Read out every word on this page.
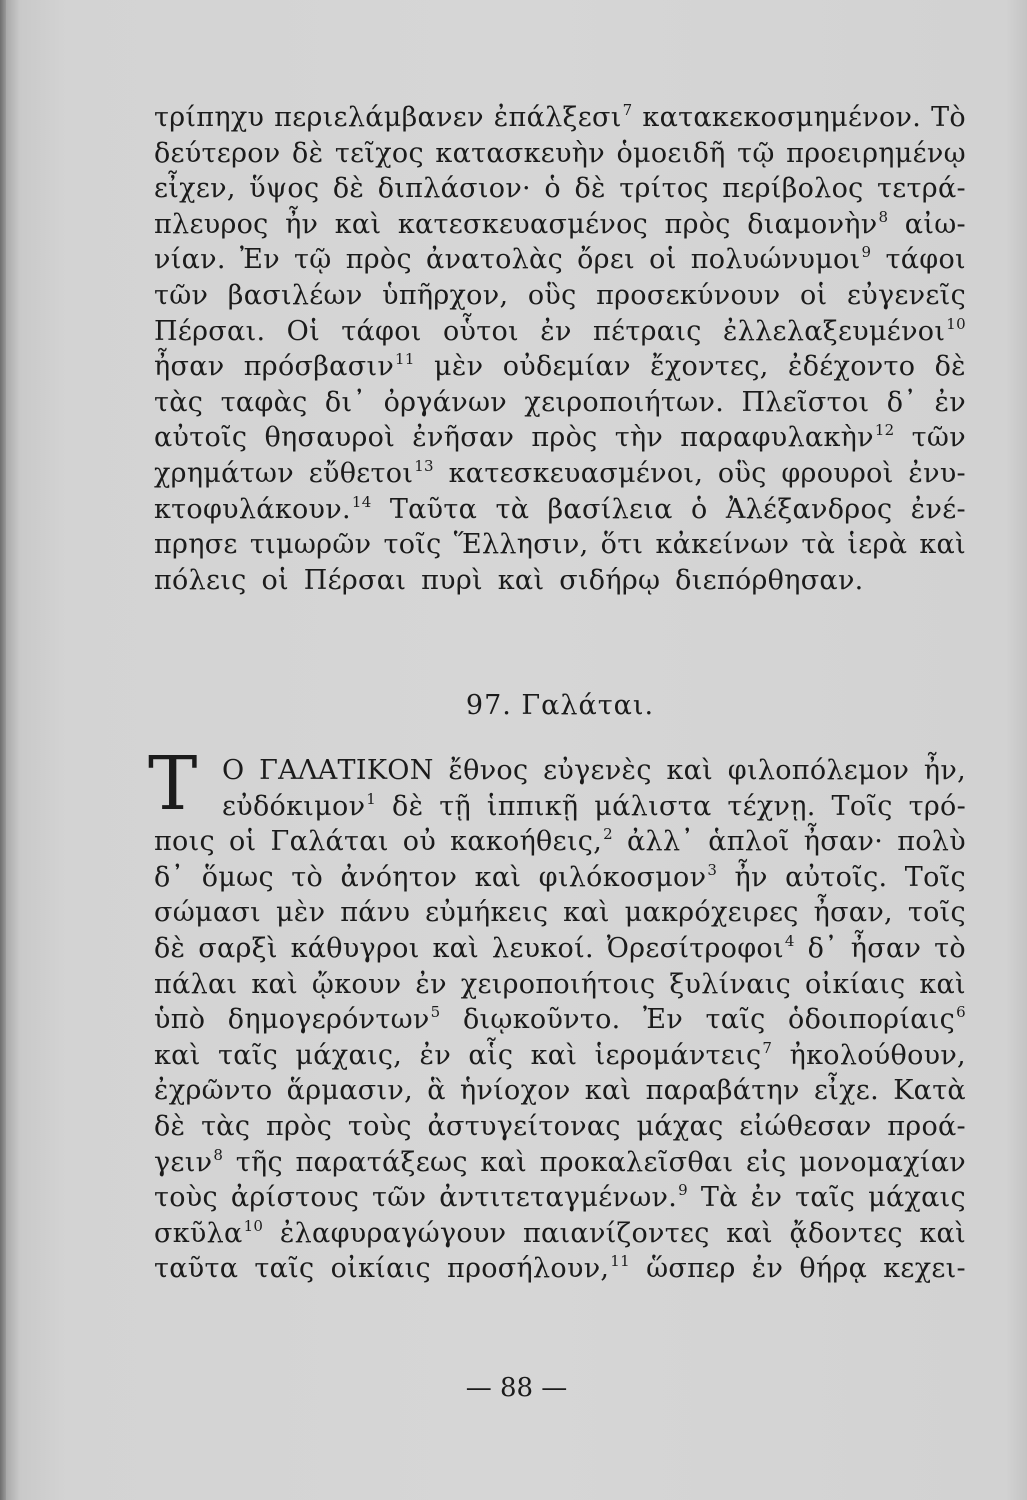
τρίπηχυ περιελάμβανεν ἐπάλξεσι$^7$ κατακεκοσμημένον. Τὸ
δεύτερον δὲ τεῖχος κατασκευὴν ὁμοειδῆ τῷ προειρημένῳ
εἶχεν, ὕψος δὲ διπλάσιον· ὁ δὲ τρίτος περίβολος τετρά-
πλευρος ἦν καὶ κατεσκευασμένος πρὸς διαμονὴν$^8$ αἰω-
νίαν. Ἐν τῷ πρὸς ἀνατολὰς ὄρει οἱ πολυώνυμοι$^9$ τάφοι
τῶν βασιλέων ὑπῆρχον, οὓς προσεκύνουν οἱ εὐγενεῖς
Πέρσαι. Οἱ τάφοι οὗτοι ἐν πέτραις ἐλλελαξευμένοι$^{10}$
ἦσαν πρόσβασιν$^{11}$ μὲν οὐδεμίαν ἔχοντες, ἐδέχοντο δὲ
τὰς ταφὰς δι᾿ ὀργάνων χειροποιήτων. Πλεῖστοι δ᾿ ἐν
αὐτοῖς θησαυροὶ ἐνῆσαν πρὸς τὴν παραφυλακὴν$^{12}$ τῶν
χρημάτων εὔθετοι$^{13}$ κατεσκευασμένοι, οὓς φρουροὶ ἐνυ-
κτοφυλάκουν.$^{14}$ Ταῦτα τὰ βασίλεια ὁ Ἀλέξανδρος ἐνέ-
πρησε τιμωρῶν τοῖς Ἕλλησιν, ὅτι κἀκείνων τὰ ἱερὰ καὶ
πόλεις οἱ Πέρσαι πυρὶ καὶ σιδήρῳ διεπόρθησαν.
97. Γαλάται.
Ο ΓΑΛΑΤΙΚΟΝ ἔθνος εὐγενὲς καὶ φιλοπόλεμον ἦν,
εὐδόκιμον$^1$ δὲ τῇ ἱππικῇ μάλιστα τέχνῃ. Τοῖς τρό-
ποις οἱ Γαλάται οὐ κακοήθεις,$^2$ ἀλλ᾿ ἁπλοῖ ἦσαν· πολὺ
δ᾿ ὅμως τὸ ἀνόητον καὶ φιλόκοσμον$^3$ ἦν αὐτοῖς. Τοῖς
σώμασι μὲν πάνυ εὐμήκεις καὶ μακρόχειρες ἦσαν, τοῖς
δὲ σαρξὶ κάθυγροι καὶ λευκοί. Ὀρεσίτροφοι$^4$ δ᾿ ἦσαν τὸ
πάλαι καὶ ᾤκουν ἐν χειροποιήτοις ξυλίναις οἰκίαις καὶ
ὑπὸ δημογερόντων$^5$ διῳκοῦντο. Ἐν ταῖς ὁδοιπορίαις$^6$
καὶ ταῖς μάχαις, ἐν αἷς καὶ ἱερομάντεις$^7$ ἠκολούθουν,
ἐχρῶντο ἅρμασιν, ἃ ἡνίοχον καὶ παραβάτην εἶχε. Κατὰ
δὲ τὰς πρὸς τοὺς ἀστυγείτονας μάχας εἰώθεσαν προά-
γειν$^8$ τῆς παρατάξεως καὶ προκαλεῖσθαι εἰς μονομαχίαν
τοὺς ἀρίστους τῶν ἀντιτεταγμένων.$^9$ Τὰ ἐν ταῖς μάχαις
σκῦλα$^{10}$ ἐλαφυραγώγουν παιανίζοντες καὶ ᾄδοντες καὶ
ταῦτα ταῖς οἰκίαις προσήλουν,$^{11}$ ὥσπερ ἐν θήρᾳ κεχει-
Τ
— 88 —
